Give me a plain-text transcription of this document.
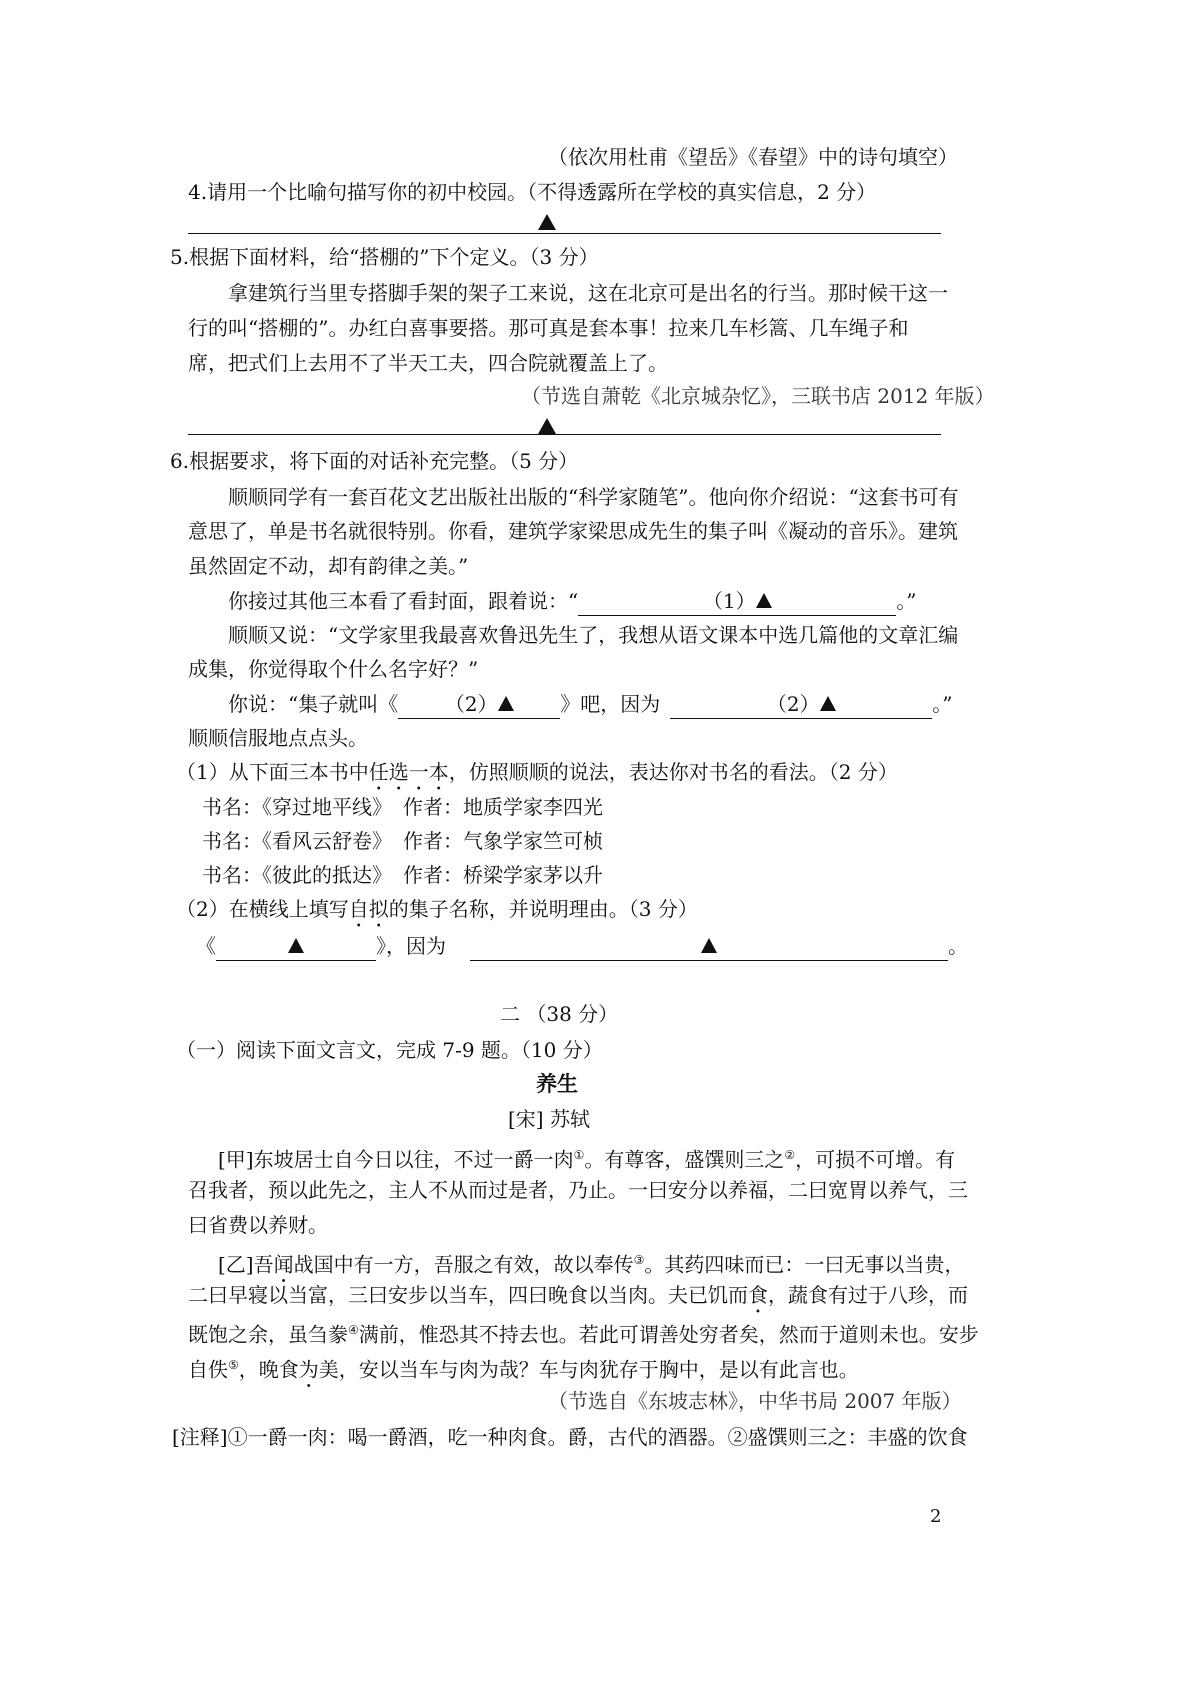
（依次用杜甫《望岳》《春望》中的诗句填空）
4.请用一个比喻句描写你的初中校园。（不得透露所在学校的真实信息，2 分）
5.根据下面材料，给“搭棚的”下个定义。（3 分）
拿建筑行当里专搭脚手架的架子工来说，这在北京可是出名的行当。那时候干这一
行的叫“搭棚的”。办红白喜事要搭。那可真是套本事！拉来几车杉篙、几车绳子和
席，把式们上去用不了半天工夫，四合院就覆盖上了。
（节选自萧乾《北京城杂忆》，三联书店 2012 年版）
6.根据要求，将下面的对话补充完整。（5 分）
顺顺同学有一套百花文艺出版社出版的“科学家随笔”。他向你介绍说：“这套书可有
意思了，单是书名就很特别。你看，建筑学家梁思成先生的集子叫《凝动的音乐》。建筑
虽然固定不动，却有韵律之美。”
你接过其他三本看了看封面，跟着说：“	（1）	。”
顺顺又说：“文学家里我最喜欢鲁迅先生了，我想从语文课本中选几篇他的文章汇编
成集，你觉得取个什么名字好？”
你说：“集子就叫《 （2）	》吧，因为	（2）	。”
顺顺信服地点点头。
（1）从下面三本书中任选一本，仿照顺顺的说法，表达你对书名的看法。（2 分）
书名：《穿过地平线》 作者：地质学家李四光
书名：《看风云舒卷》 作者：气象学家竺可桢
书名：《彼此的抵达》 作者：桥梁学家茅以升
（2）在横线上填写自拟的集子名称，并说明理由。（3 分）
《	》，因为	。
二 （38 分）
（一）阅读下面文言文，完成 7-9 题。（10 分）
养生
[宋] 苏轼
[甲]东坡居士自今日以往，不过一爵一肉①。有尊客，盛馔则三之②，可损不可增。有
召我者，预以此先之，主人不从而过是者，乃止。一曰安分以养福，二曰宽胃以养气，三
曰省费以养财。
[乙]吾闻战国中有一方，吾服之有效，故以奉传③。其药四味而已：一曰无事以当贵，
二曰早寝以当富，三曰安步以当车，四曰晚食以当肉。夫已饥而食，蔬食有过于八珍，而
既饱之余，虽刍豢④满前，惟恐其不持去也。若此可谓善处穷者矣，然而于道则未也。安步
自佚⑤，晚食为美，安以当车与肉为哉？车与肉犹存于胸中，是以有此言也。
（节选自《东坡志林》，中华书局 2007 年版）
[注释]①一爵一肉：喝一爵酒，吃一种肉食。爵，古代的酒器。②盛馔则三之：丰盛的饮食
2
